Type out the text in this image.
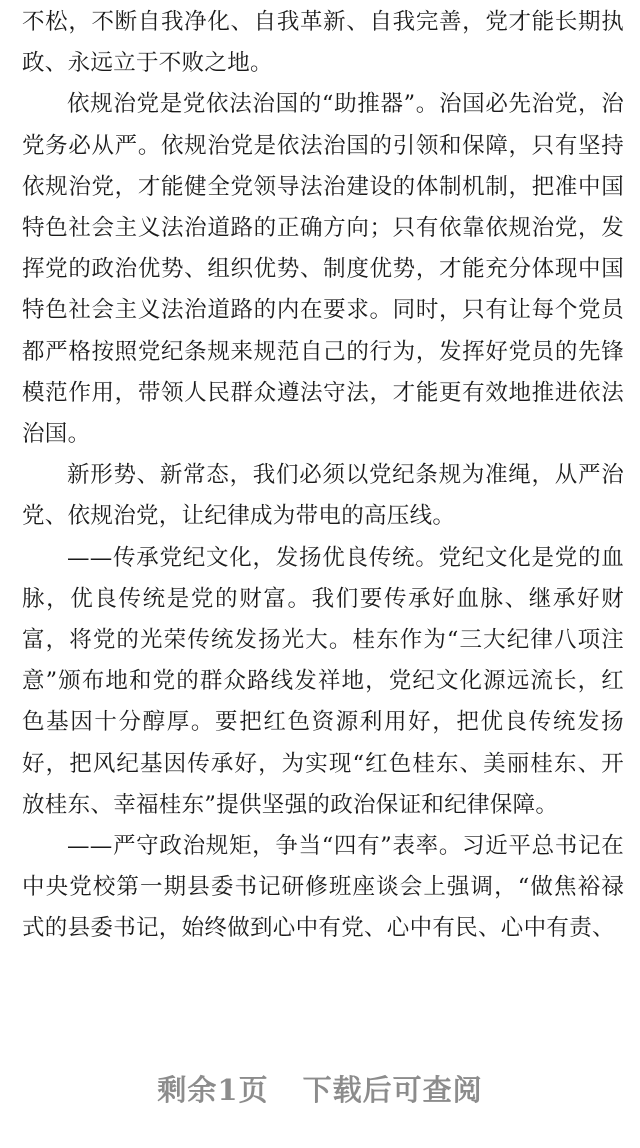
不松，不断自我净化、自我革新、自我完善，党才能长期执政、永远立于不败之地。

依规治党是党依法治国的“助推器”。治国必先治党，治党务必从严。依规治党是依法治国的引领和保障，只有坚持依规治党，才能健全党领导法治建设的体制机制，把准中国特色社会主义法治道路的正确方向；只有依靠依规治党，发挥党的政治优势、组织优势、制度优势，才能充分体现中国特色社会主义法治道路的内在要求。同时，只有让每个党员都严格按照党纪条规来规范自己的行为，发挥好党员的先锋模范作用，带领人民群众遵法守法，才能更有效地推进依法治国。

新形势、新常态，我们必须以党纪条规为准绳，从严治党、依规治党，让纪律成为带电的高压线。

——传承党纪文化，发扬优良传统。党纪文化是党的血脉，优良传统是党的财富。我们要传承好血脉、继承好财富，将党的光荣传统发扬光大。桂东作为“三大纪律八项注意”颁布地和党的群众路线发祥地，党纪文化源远流长，红色基因十分醇厚。要把红色资源利用好，把优良传统发扬好，把风纪基因传承好，为实现“红色桂东、美丽桂东、开放桂东、幸福桂东”提供坚强的政治保证和纪律保障。

——严守政治规矩，争当“四有”表率。习近平总书记在中央党校第一期县委书记研修班座谈会上强调，“做焦裕禄式的县委书记，始终做到心中有党、心中有民、心中有责、

剩余1页 下载后可查阅
